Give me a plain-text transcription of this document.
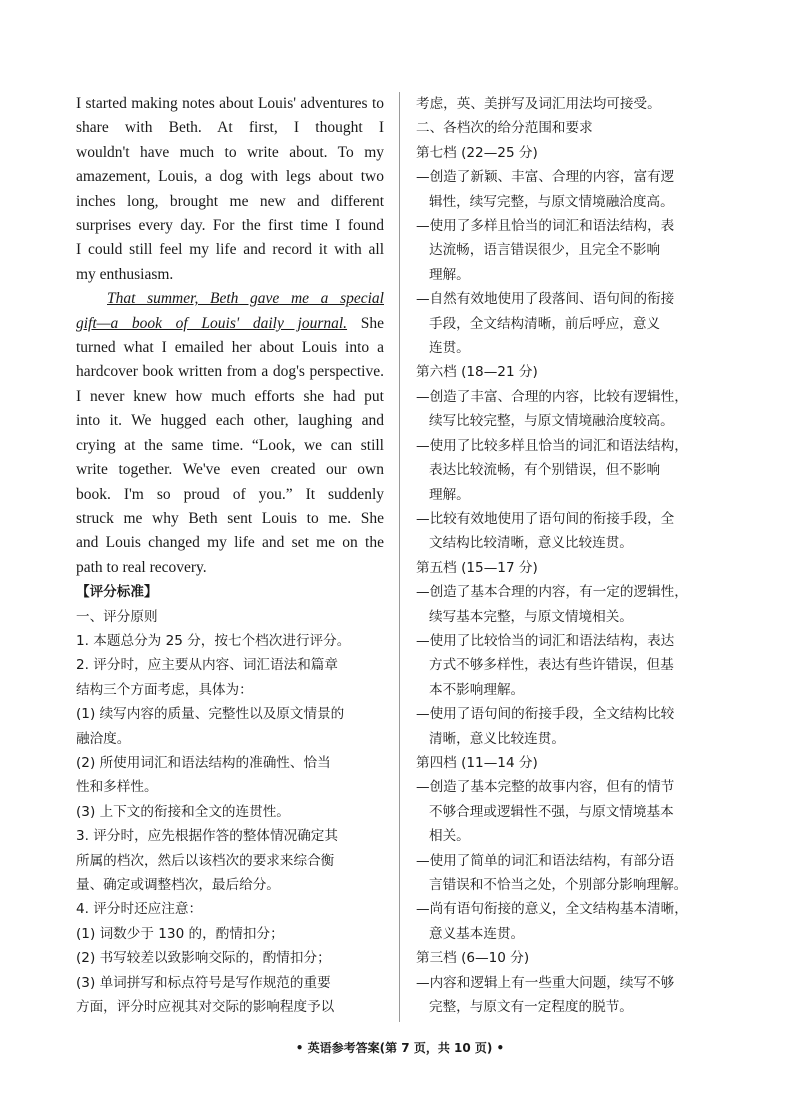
I started making notes about Louis' adventures to

share with Beth. At first, I thought I

wouldn't have much to write about. To my

amazement, Louis, a dog with legs about two

inches long, brought me new and different

surprises every day. For the first time I found

I could still feel my life and record it with all

my enthusiasm.

That summer, Beth gave me a special

gift—a book of Louis' daily journal. She

turned what I emailed her about Louis into a

hardcover book written from a dog's perspective.

I never knew how much efforts she had put

into it. We hugged each other, laughing and

crying at the same time. “Look, we can still

write together. We've even created our own

book. I'm so proud of you.” It suddenly

struck me why Beth sent Louis to me. She

and Louis changed my life and set me on the

path to real recovery.

【评分标准】

一、评分原则

1. 本题总分为 25 分，按七个档次进行评分。

2. 评分时，应主要从内容、词汇语法和篇章

结构三个方面考虑，具体为：

(1) 续写内容的质量、完整性以及原文情景的

融洽度。

(2) 所使用词汇和语法结构的准确性、恰当

性和多样性。

(3) 上下文的衔接和全文的连贯性。

3. 评分时，应先根据作答的整体情况确定其

所属的档次，然后以该档次的要求来综合衡

量、确定或调整档次，最后给分。

4. 评分时还应注意：

(1) 词数少于 130 的，酌情扣分；

(2) 书写较差以致影响交际的，酌情扣分；

(3) 单词拼写和标点符号是写作规范的重要

方面，评分时应视其对交际的影响程度予以

考虑，英、美拼写及词汇用法均可接受。

二、各档次的给分范围和要求

第七档 (22—25 分)

—创造了新颖、丰富、合理的内容，富有逻

辑性，续写完整，与原文情境融洽度高。

—使用了多样且恰当的词汇和语法结构，表

达流畅，语言错误很少，且完全不影响

理解。

—自然有效地使用了段落间、语句间的衔接

手段，全文结构清晰，前后呼应，意义

连贯。

第六档 (18—21 分)

—创造了丰富、合理的内容，比较有逻辑性，

续写比较完整，与原文情境融洽度较高。

—使用了比较多样且恰当的词汇和语法结构，

表达比较流畅，有个别错误，但不影响

理解。

—比较有效地使用了语句间的衔接手段，全

文结构比较清晰，意义比较连贯。

第五档 (15—17 分)

—创造了基本合理的内容，有一定的逻辑性，

续写基本完整，与原文情境相关。

—使用了比较恰当的词汇和语法结构，表达

方式不够多样性，表达有些许错误，但基

本不影响理解。

—使用了语句间的衔接手段，全文结构比较

清晰，意义比较连贯。

第四档 (11—14 分)

—创造了基本完整的故事内容，但有的情节

不够合理或逻辑性不强，与原文情境基本

相关。

—使用了简单的词汇和语法结构，有部分语

言错误和不恰当之处，个别部分影响理解。

—尚有语句衔接的意义，全文结构基本清晰，

意义基本连贯。

第三档 (6—10 分)

—内容和逻辑上有一些重大问题，续写不够

完整，与原文有一定程度的脱节。

• 英语参考答案(第 7 页，共 10 页) •
